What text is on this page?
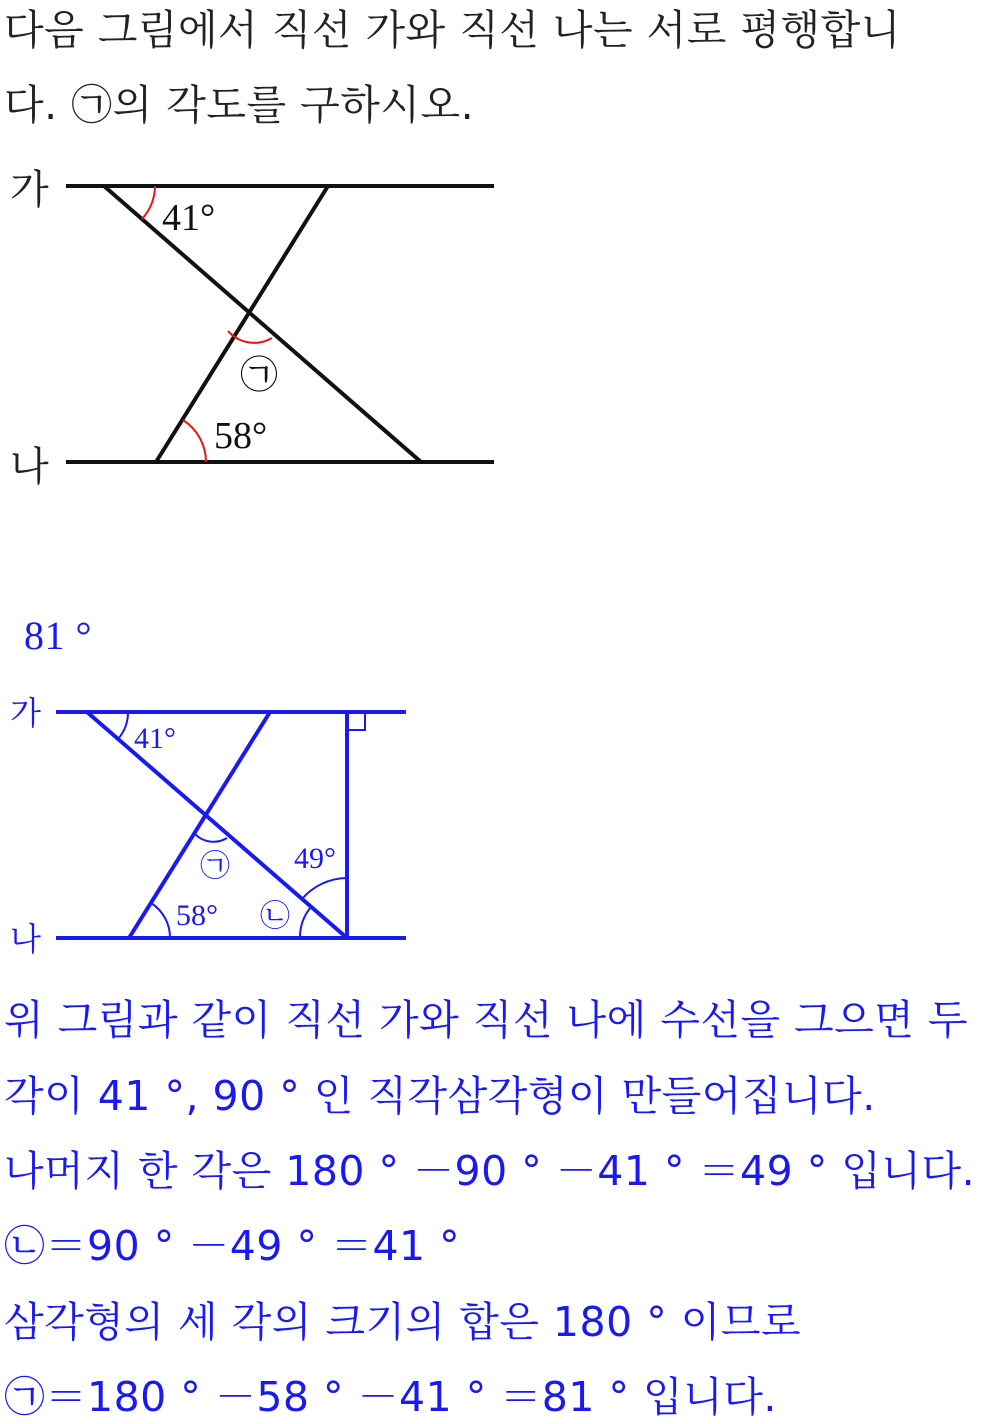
다음 그림에서 직선 가와 직선 나는 서로 평행합니
다. ㉠의 각도를 구하시오.
가
나
41°
58°
㉠
81 °
가
나
41°
58°
49°
㉠
㉡
위 그림과 같이 직선 가와 직선 나에 수선을 그으면 두
각이 41 °, 90 ° 인 직각삼각형이 만들어집니다.
나머지 한 각은 180 ° －90 ° －41 ° ＝49 ° 입니다.
㉡＝90 ° －49 ° ＝41 °
삼각형의 세 각의 크기의 합은 180 ° 이므로
㉠＝180 ° －58 ° －41 ° ＝81 ° 입니다.
